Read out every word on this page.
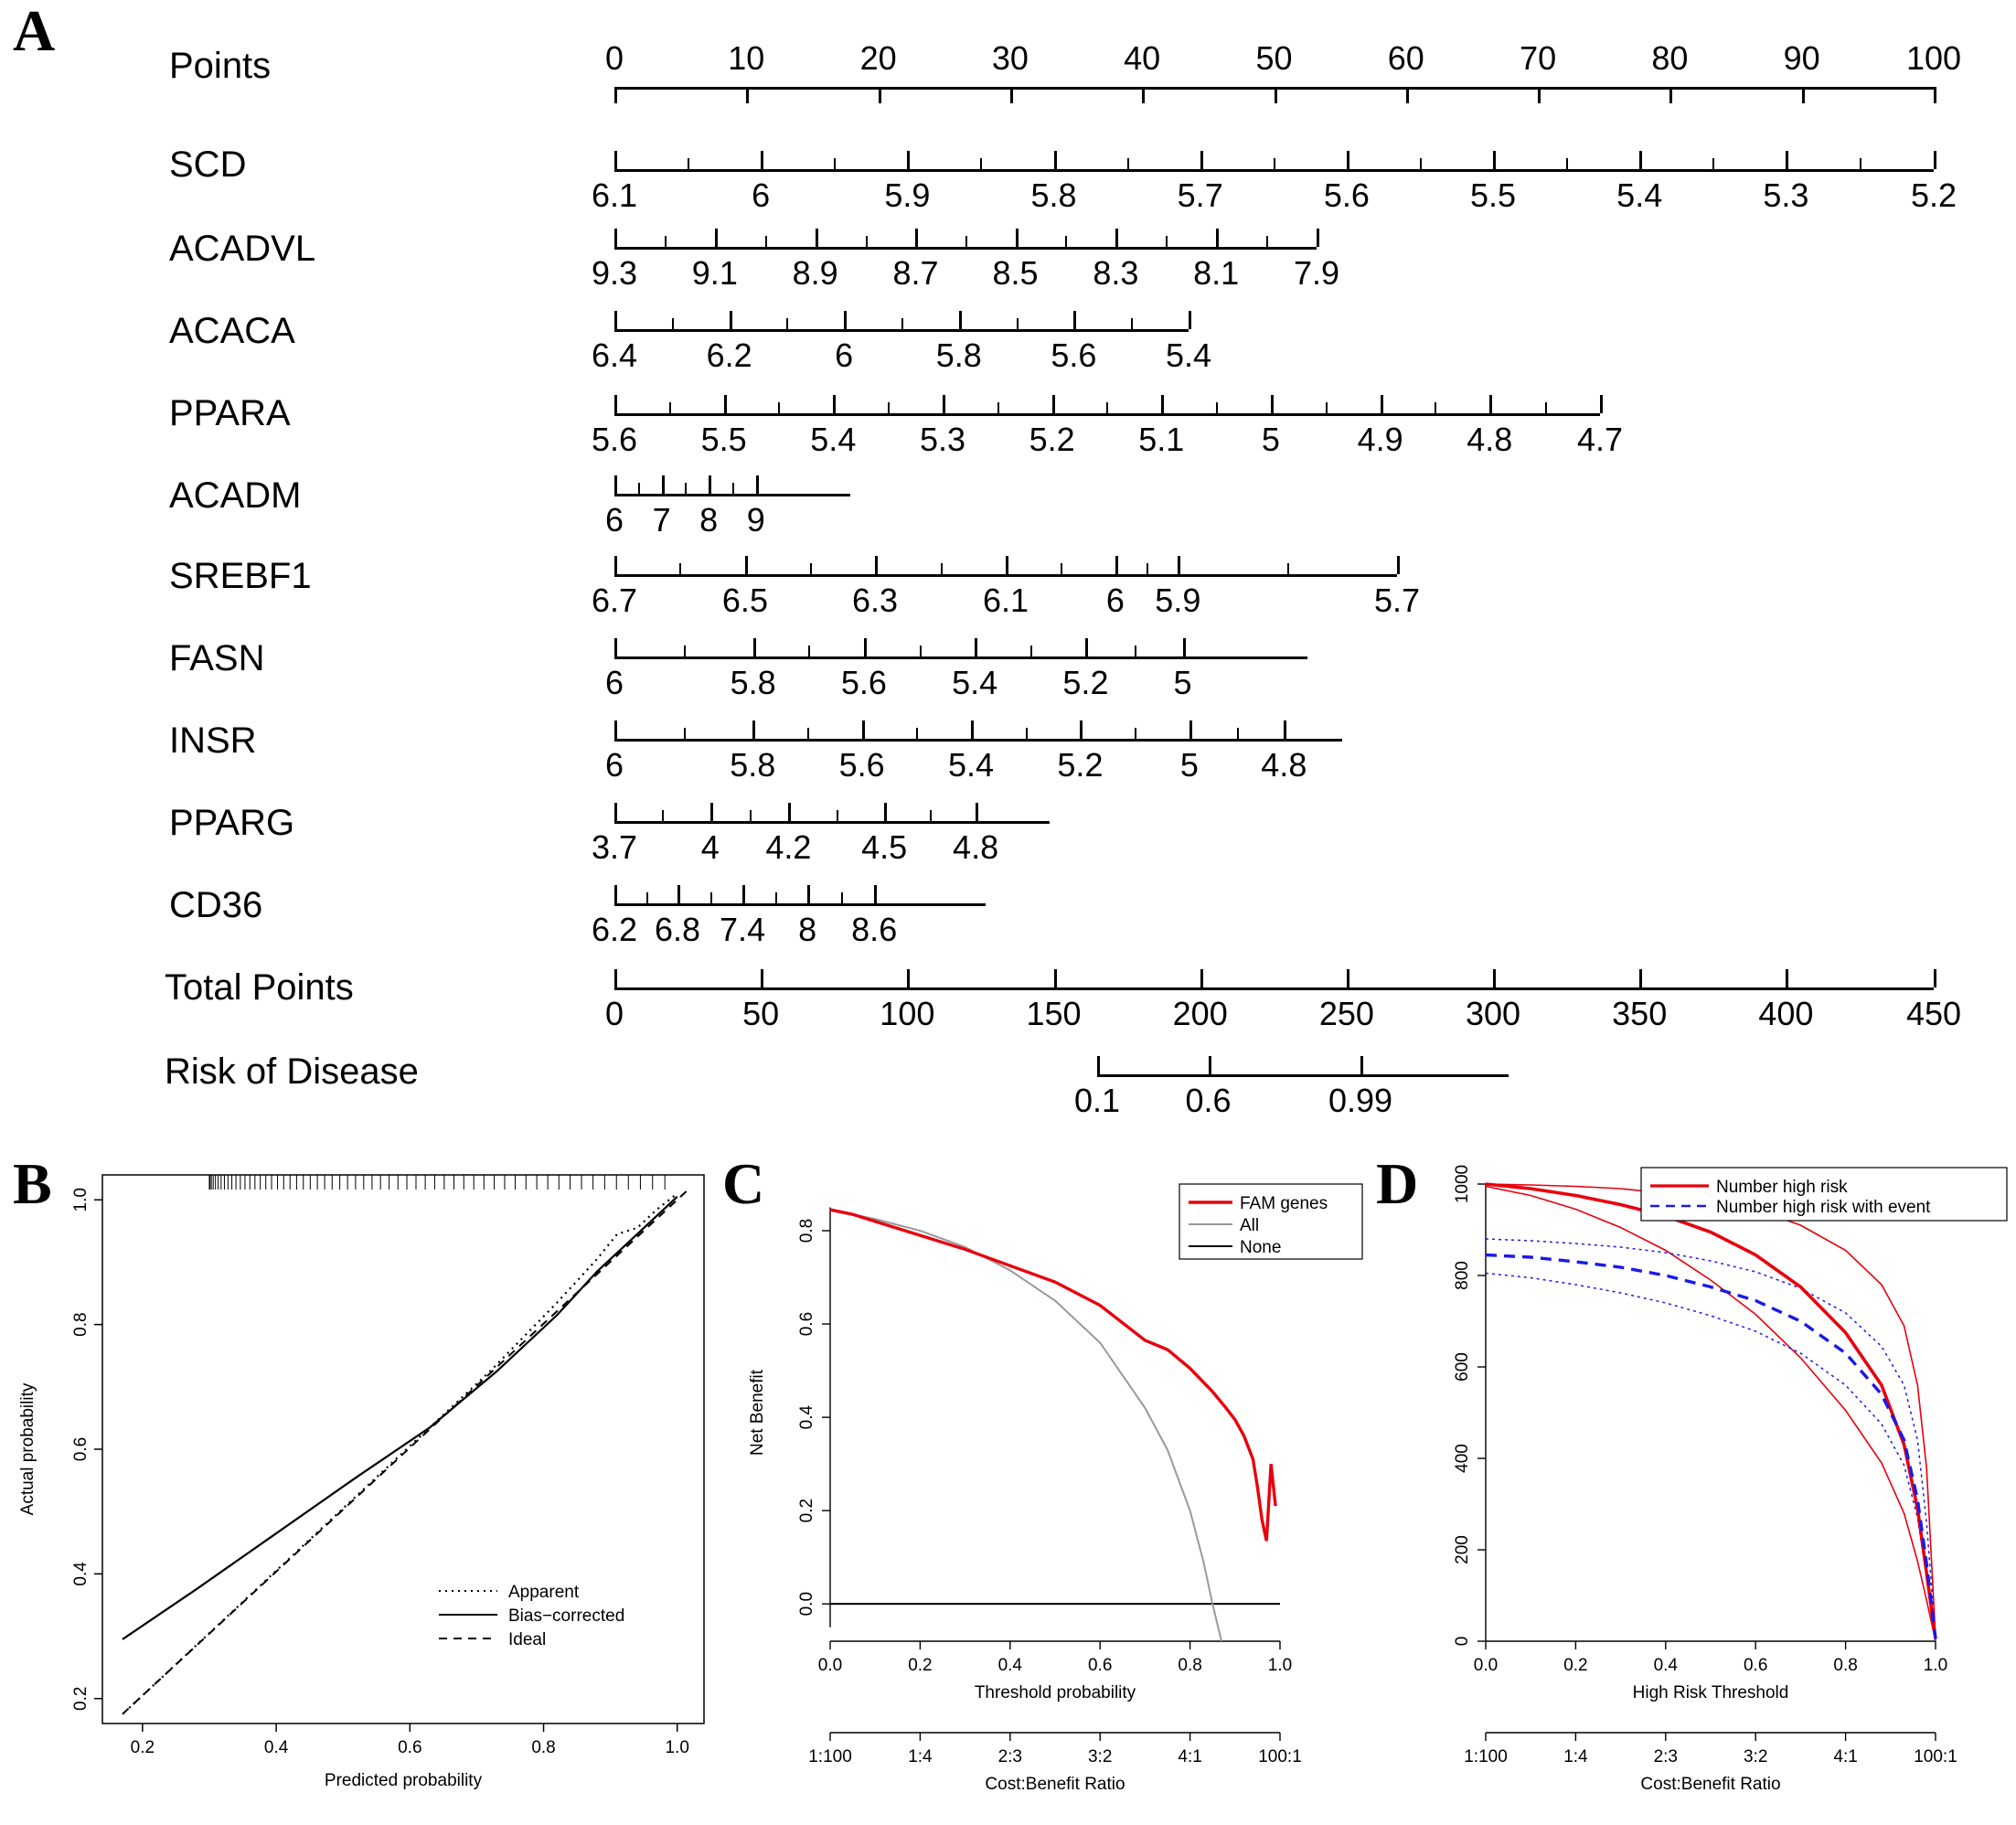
A
Points	0	10	20	30	40	50	60	70	80	90	100
SCD
6.1	6	5.9	5.8	5.7	5.6	5.5	5.4	5.3	5.2
ACADVL
9.3 9.1 8.9 8.7 8.5 8.3 8.1 7.9
ACACA
6.4 6.2	6	5.8 5.6 5.4
PPARA
5.6 5.5 5.4 5.3 5.2 5.1 5 4.9 4.8 4.7
ACADM
6 7 8 9
SREBF1
6.7	6.5	6.3	6.1 6 5.9	5.7
FASN
6	5.8 5.6 5.4 5.2 5
INSR
6	5.8 5.6 5.4 5.2 5 4.8
PPARG
3.7 4 4.2 4.5 4.8
CD36
6.2 6.8 7.4 8 8.6
Total Points
0	50	100	150	200	250	300	350	400	450
Risk of Disease
0.1 0.6	0.99
B
0.2	0.4	0.6	0.8	1.0
0.2
0.4
0.6
0.8
1.0
Predicted probability
Actual probability
Apparent
Bias−corrected
Ideal
C
0.0	0.2	0.4	0.6	0.8	1.0
0.0
0.2
0.4
0.6
0.8
Threshold probability
Net Benefit
1:100	1:4	2:3	3:2	4:1	100:1
Cost:Benefit Ratio
FAM genes
All
None
D
0.0	0.2	0.4	0.6	0.8	1.0
0
200
400
600
800
1000
High Risk Threshold
1:100	1:4	2:3	3:2	4:1	100:1
Cost:Benefit Ratio
Number high risk
Number high risk with event
